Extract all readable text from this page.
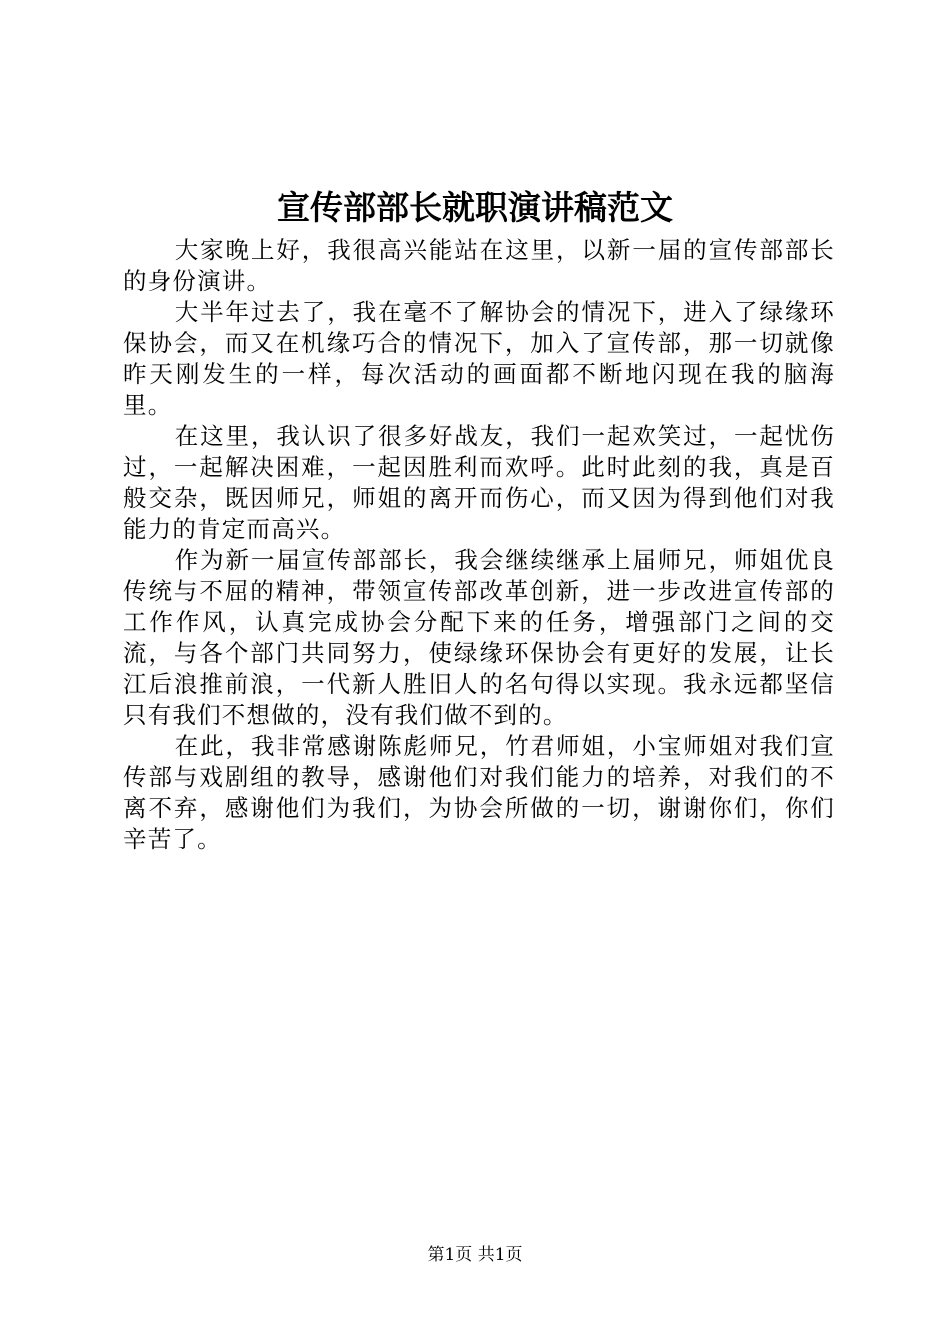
宣传部部长就职演讲稿范文

大家晚上好，我很高兴能站在这里，以新一届的宣传部部长的身份演讲。

大半年过去了，我在毫不了解协会的情况下，进入了绿缘环保协会，而又在机缘巧合的情况下，加入了宣传部，那一切就像昨天刚发生的一样，每次活动的画面都不断地闪现在我的脑海里。

在这里，我认识了很多好战友，我们一起欢笑过，一起忧伤过，一起解决困难，一起因胜利而欢呼。此时此刻的我，真是百般交杂，既因师兄，师姐的离开而伤心，而又因为得到他们对我能力的肯定而高兴。

作为新一届宣传部部长，我会继续继承上届师兄，师姐优良传统与不屈的精神，带领宣传部改革创新，进一步改进宣传部的工作作风，认真完成协会分配下来的任务，增强部门之间的交流，与各个部门共同努力，使绿缘环保协会有更好的发展，让长江后浪推前浪，一代新人胜旧人的名句得以实现。我永远都坚信只有我们不想做的，没有我们做不到的。

在此，我非常感谢陈彪师兄，竹君师姐，小宝师姐对我们宣传部与戏剧组的教导，感谢他们对我们能力的培养，对我们的不离不弃，感谢他们为我们，为协会所做的一切，谢谢你们，你们辛苦了。

第1页 共1页
